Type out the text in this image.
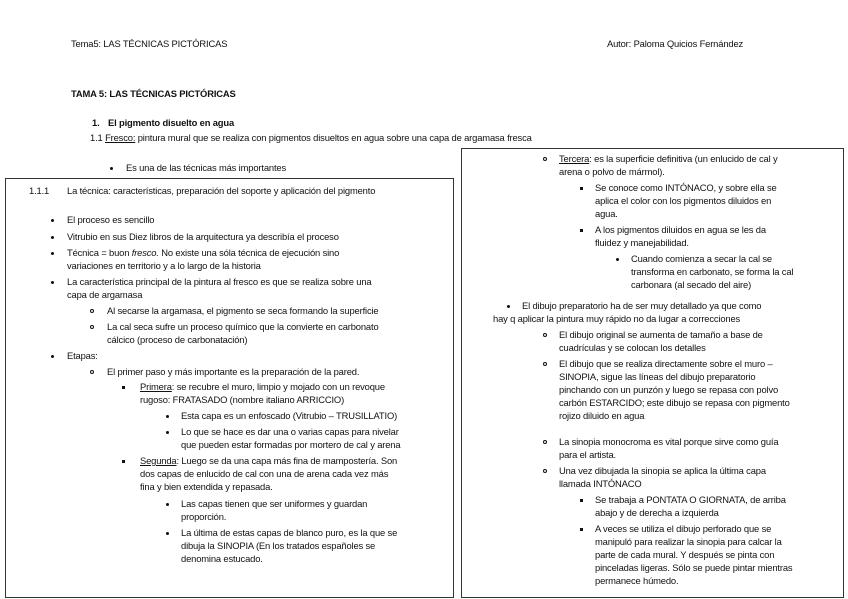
Tema5: LAS TÉCNICAS PICTÓRICAS	Autor: Paloma Quicios Fernández
TAMA 5: LAS TÉCNICAS PICTÓRICAS
1. El pigmento disuelto en agua
1.1 Fresco: pintura mural que se realiza con pigmentos disueltos en agua sobre una capa de argamasa fresca
Es una de las técnicas más importantes
1.1.1 La técnica: características, preparación del soporte y aplicación del pigmento
El proceso es sencillo
Vitrubio en sus Diez libros de la arquitectura ya describía el proceso
Técnica = buon fresco. No existe una sóla técnica de ejecución sino
variaciones en territorio y a lo largo de la historia
La característica principal de la pintura al fresco es que se realiza sobre una
capa de argamasa
Al secarse la argamasa, el pigmento se seca formando la superficie
La cal seca sufre un proceso químico que la convierte en carbonato
cálcico (proceso de carbonatación)
Etapas:
El primer paso y más importante es la preparación de la pared.
Primera: se recubre el muro, limpio y mojado con un revoque
rugoso: FRATASADO (nombre italiano ARRICCIO)
Esta capa es un enfoscado (Vitrubio – TRUSILLATIO)
Lo que se hace es dar una o varias capas para nivelar
que pueden estar formadas por mortero de cal y arena
Segunda: Luego se da una capa más fina de mampostería. Son
dos capas de enlucido de cal con una de arena cada vez más
fina y bien extendida y repasada.
Las capas tienen que ser uniformes y guardan
proporción.
La última de estas capas de blanco puro, es la que se
dibuja la SINOPIA (En los tratados españoles se
denomina estucado.
Tercera: es la superficie definitiva (un enlucido de cal y
arena o polvo de mármol).
Se conoce como INTÓNACO, y sobre ella se
aplica el color con los pigmentos diluidos en
agua.
A los pigmentos diluidos en agua se les da
fluidez y manejabilidad.
Cuando comienza a secar la cal se
transforma en carbonato, se forma la cal
carbonara (al secado del aire)
El dibujo preparatorio ha de ser muy detallado ya que como
hay q aplicar la pintura muy rápido no da lugar a correcciones
El dibujo original se aumenta de tamaño a base de
cuadrículas y se colocan los detalles
El dibujo que se realiza directamente sobre el muro –
SINOPIA, sigue las líneas del dibujo preparatorio
pinchando con un punzón y luego se repasa con polvo
carbón ESTARCIDO; este dibujo se repasa con pigmento
rojizo diluido en agua
La sinopia monocroma es vital porque sirve como guía
para el artista.
Una vez dibujada la sinopia se aplica la última capa
llamada INTÓNACO
Se trabaja a PONTATA O GIORNATA, de arriba
abajo y de derecha a izquierda
A veces se utiliza el dibujo perforado que se
manipuló para realizar la sinopia para calcar la
parte de cada mural. Y después se pinta con
pinceladas ligeras. Sólo se puede pintar mientras
permanece húmedo.
